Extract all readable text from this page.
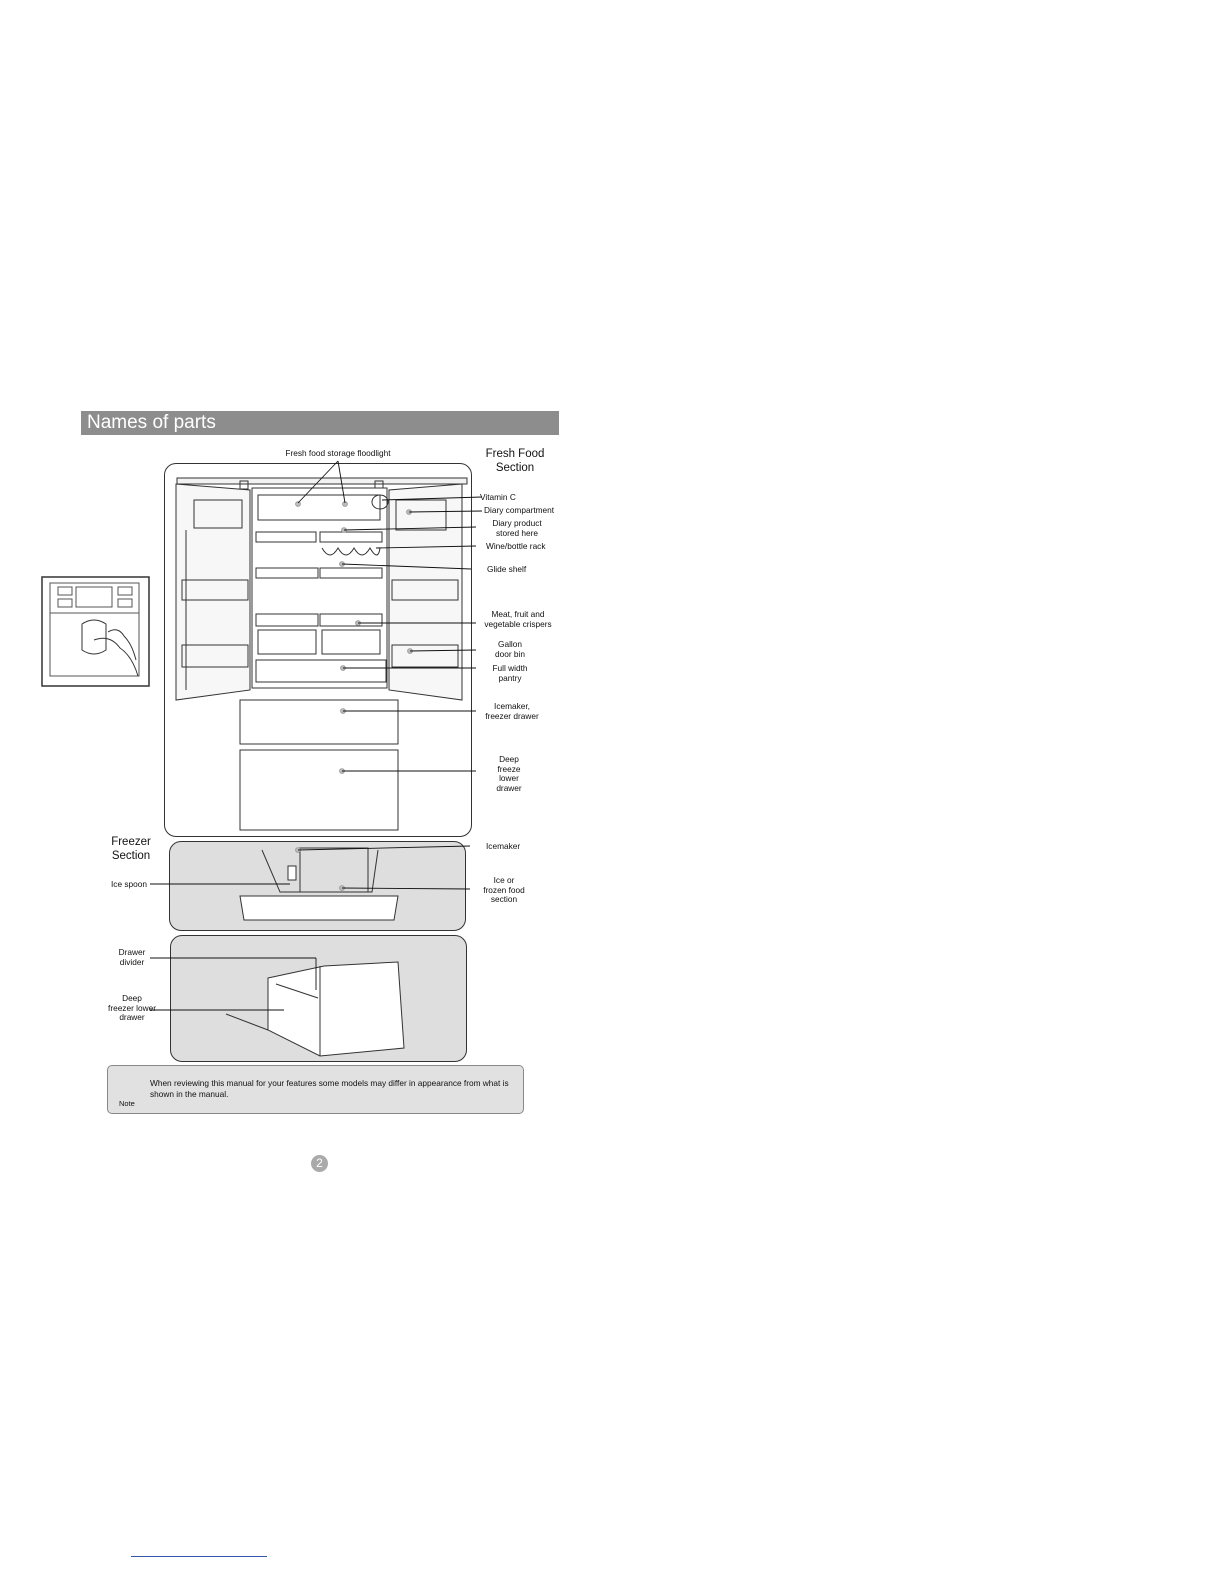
Names of parts
Fresh Food
Section
Freezer
Section
Fresh food storage floodlight
Vitamin C
Diary compartment
Diary product
stored here
Wine/bottle rack
Glide shelf
Meat, fruit and
vegetable crispers
Gallon
door bin
Full width
pantry
Icemaker,
freezer drawer
Deep
freeze lower
drawer
Icemaker
Ice spoon	Ice or
frozen food
section
Drawer
divider
Deep
freezer lower
drawer
When reviewing this manual for your features some models may differ in appearance from what is shown in the manual.
Note
2
